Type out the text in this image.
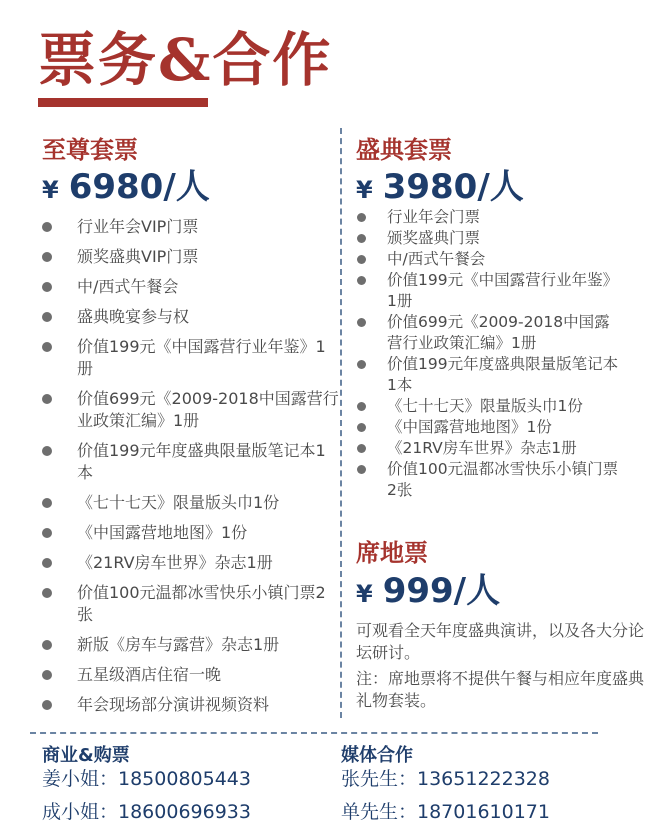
票务&合作
至尊套票
¥ 6980/人
行业年会VIP门票
颁奖盛典VIP门票
中/西式午餐会
盛典晚宴参与权
价值199元《中国露营行业年鉴》1册
价值699元《2009-2018中国露营行业政策汇编》1册
价值199元年度盛典限量版笔记本1本
《七十七天》限量版头巾1份
《中国露营地地图》1份
《21RV房车世界》杂志1册
价值100元温都冰雪快乐小镇门票2张
新版《房车与露营》杂志1册
五星级酒店住宿一晚
年会现场部分演讲视频资料
盛典套票
¥ 3980/人
行业年会门票
颁奖盛典门票
中/西式午餐会
价值199元《中国露营行业年鉴》1册
价值699元《2009-2018中国露营行业政策汇编》1册
价值199元年度盛典限量版笔记本1本
《七十七天》限量版头巾1份
《中国露营地地图》1份
《21RV房车世界》杂志1册
价值100元温都冰雪快乐小镇门票2张
席地票
¥ 999/人
可观看全天年度盛典演讲，以及各大分论坛研讨。
注：席地票将不提供午餐与相应年度盛典礼物套装。
商业&购票
姜小姐：18500805443
成小姐：18600696933
媒体合作
张先生：13651222328
单先生：18701610171
